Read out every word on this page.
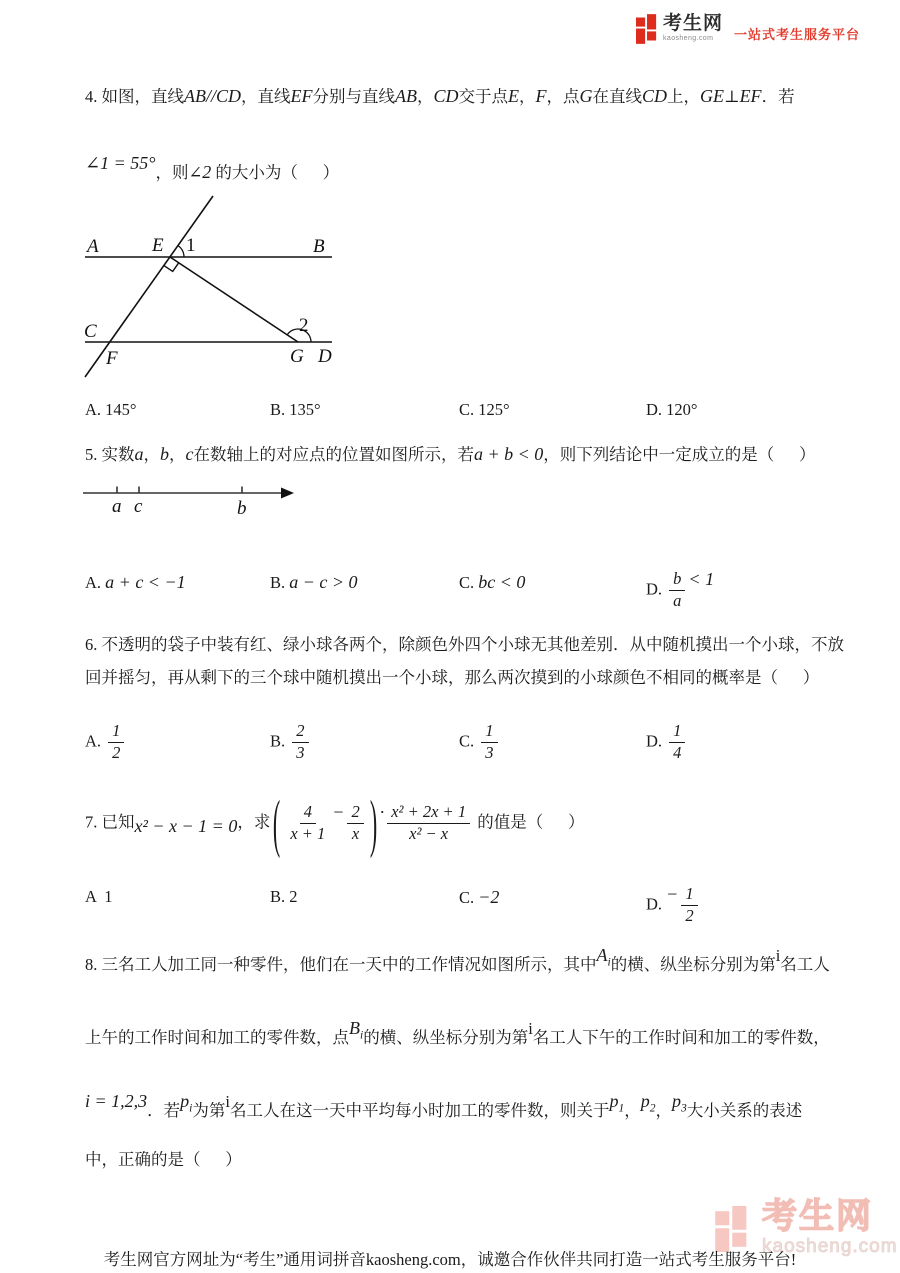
考生网
kaosheng.com	一站式考生服务平台
4. 如图，直线AB//CD，直线EF分别与直线AB，CD交于点E，F，点G在直线CD上，GE⊥EF．若
∠1 = 55°，则∠2 的大小为（      ）
A	E 1	B
C
F
2
G D
A. 145°	B. 135°	C. 125°	D. 120°
5. 实数a，b，c在数轴上的对应点的位置如图所示，若a + b < 0，则下列结论中一定成立的是（      ）
a c	b
A. a + c < −1	B. a − c > 0	C. bc < 0	D. $\frac{b}{a} < 1$
6. 不透明的袋子中装有红、绿小球各两个，除颜色外四个小球无其他差别．从中随机摸出一个小球，不放
回并摇匀，再从剩下的三个球中随机摸出一个小球，那么两次摸到的小球颜色不相同的概率是（      ）
A. $\frac{1}{2}$	B. $\frac{2}{3}$	C. $\frac{1}{3}$	D. $\frac{1}{4}$
7. 已知x² − x − 1 = 0，求 ( $\frac{4}{x + 1} - \frac{2}{x}$ ) · $\frac{\text{x² + 2x + 1}}{\text{x² − x}}$ 的值是（      ）
A  1	B. 2	C. −2	D. − $\frac{1}{2}$
8. 三名工人加工同一种零件，他们在一天中的工作情况如图所示，其中$A_i$的横、纵坐标分别为第i名工人
上午的工作时间和加工的零件数，点$B_i$的横、纵坐标分别为第i名工人下午的工作时间和加工的零件数，
i = 1,2,3．若$p_i$为第i名工人在这一天中平均每小时加工的零件数，则关于$p_1$，$p_2$，$p_3$大小关系的表述
中，正确的是（      ）
考生网
kaosheng.com
考生网官方网址为“考生”通用词拼音kaosheng.com，诚邀合作伙伴共同打造一站式考生服务平台!
